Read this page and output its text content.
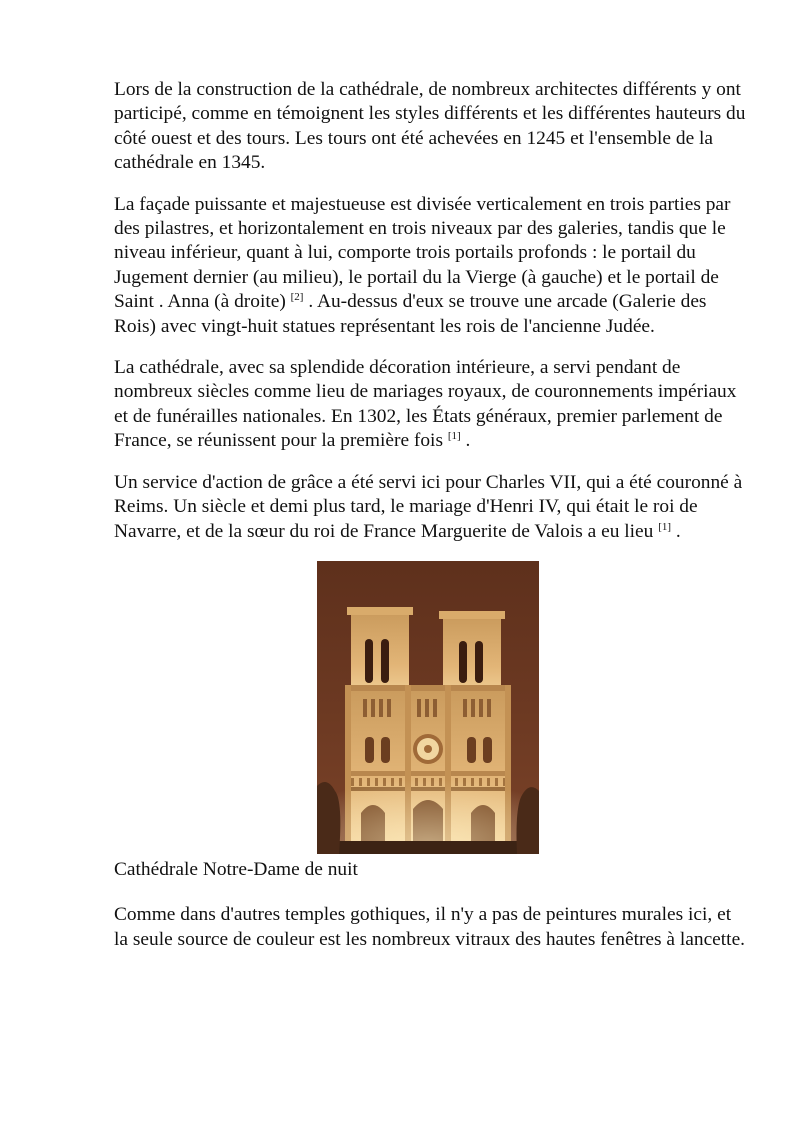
Lors de la construction de la cathédrale, de nombreux architectes différents y ont participé, comme en témoignent les styles différents et les différentes hauteurs du côté ouest et des tours. Les tours ont été achevées en 1245 et l'ensemble de la cathédrale en 1345.

La façade puissante et majestueuse est divisée verticalement en trois parties par des pilastres, et horizontalement en trois niveaux par des galeries, tandis que le niveau inférieur, quant à lui, comporte trois portails profonds : le portail du Jugement dernier (au milieu), le portail du la Vierge (à gauche) et le portail de Saint . Anna (à droite) [2] . Au-dessus d'eux se trouve une arcade (Galerie des Rois) avec vingt-huit statues représentant les rois de l'ancienne Judée.

La cathédrale, avec sa splendide décoration intérieure, a servi pendant de nombreux siècles comme lieu de mariages royaux, de couronnements impériaux et de funérailles nationales. En 1302, les États généraux, premier parlement de France, se réunissent pour la première fois [1] .

Un service d'action de grâce a été servi ici pour Charles VII, qui a été couronné à Reims. Un siècle et demi plus tard, le mariage d'Henri IV, qui était le roi de Navarre, et de la sœur du roi de France Marguerite de Valois a eu lieu [1] .

Cathédrale Notre-Dame de nuit

Comme dans d'autres temples gothiques, il n'y a pas de peintures murales ici, et la seule source de couleur est les nombreux vitraux des hautes fenêtres à lancette.
